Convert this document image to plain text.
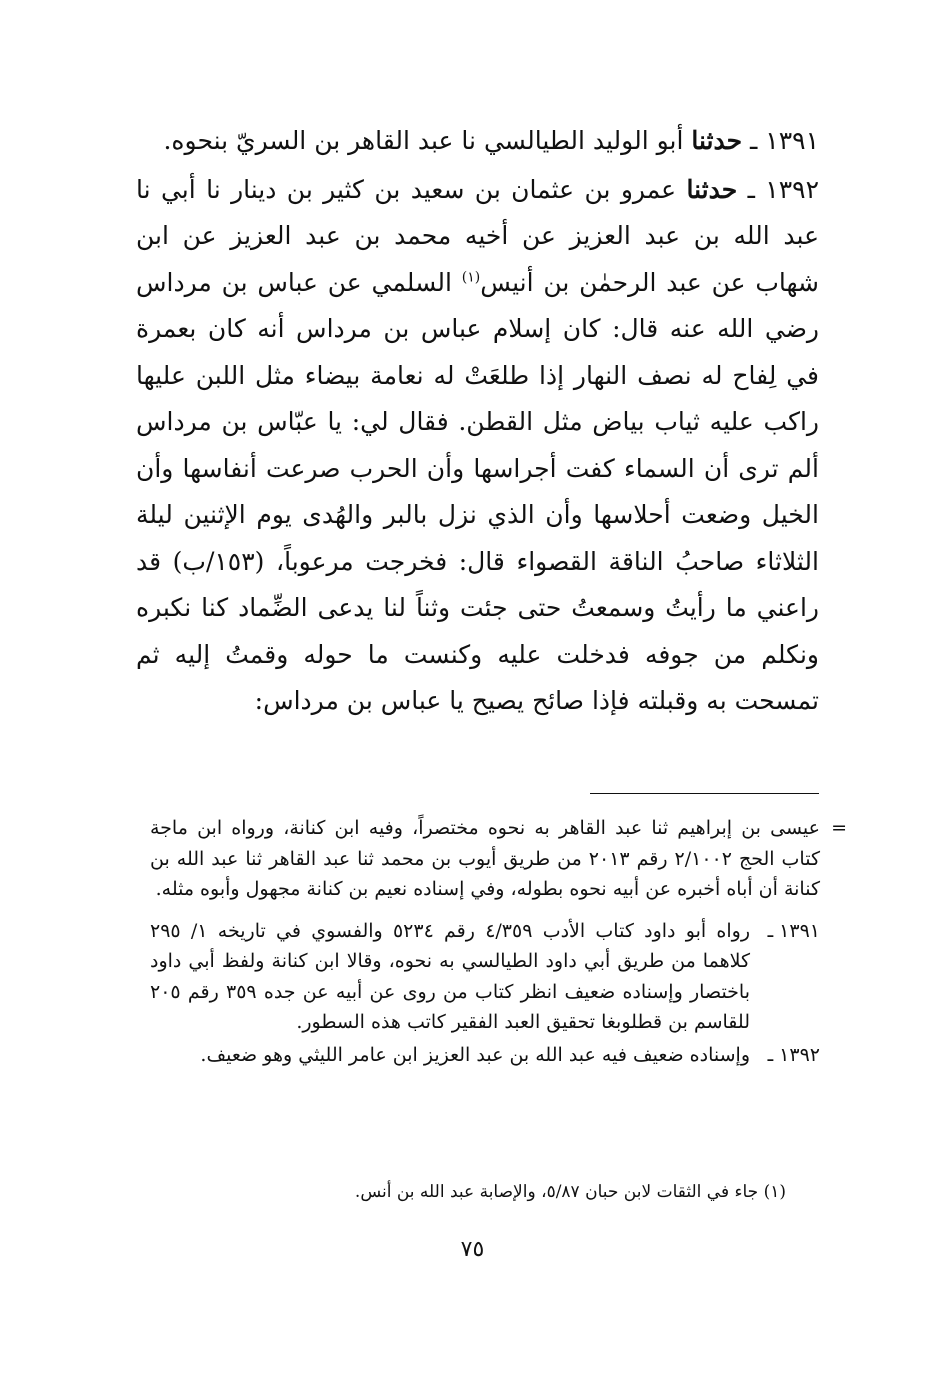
١٣٩١ ـ حدثنا أبو الوليد الطيالسي نا عبد القاهر بن السريّ بنحوه.

١٣٩٢ ـ حدثنا عمرو بن عثمان بن سعيد بن كثير بن دينار نا أبي نا عبد الله بن عبد العزيز عن أخيه محمد بن عبد العزيز عن ابن شهاب عن عبد الرحمٰن بن أنيس$^{(١)}$ السلمي عن عباس بن مرداس رضي الله عنه قال: كان إسلام عباس بن مرداس أنه كان بعمرة في لِفاح له نصف النهار إذا طلعَتْ له نعامة بيضاء مثل اللبن عليها راكب عليه ثياب بياض مثل القطن. فقال لي: يا عبّاس بن مرداس ألم ترى أن السماء كفت أجراسها وأن الحرب صرعت أنفاسها وأن الخيل وضعت أحلاسها وأن الذي نزل بالبر والهُدى يوم الإثنين ليلة الثلاثاء صاحبُ الناقة القصواء قال: فخرجت مرعوباً، (١٥٣/ب) قد راعني ما رأيتُ وسمعتُ حتى جئت وثناً لنا يدعى الضِّماد كنا نكبره ونكلم من جوفه فدخلت عليه وكنست ما حوله وقمتُ إليه ثم تمسحت به وقبلته فإذا صائح يصيح يا عباس بن مرداس:

=
عيسى بن إبراهيم ثنا عبد القاهر به نحوه مختصراً، وفيه ابن كنانة، ورواه ابن ماجة كتاب الحج ٢/١٠٠٢ رقم ٢٠١٣ من طريق أيوب بن محمد ثنا عبد القاهر ثنا عبد الله بن كنانة أن أباه أخبره عن أبيه نحوه بطوله، وفي إسناده نعيم بن كنانة مجهول وأبوه مثله.

١٣٩١ ـ
رواه أبو داود كتاب الأدب ٤/٣٥٩ رقم ٥٢٣٤ والفسوي في تاريخه ١/ ٢٩٥ كلاهما من طريق أبي داود الطيالسي به نحوه، وقالا ابن كنانة ولفظ أبي داود باختصار وإسناده ضعيف انظر كتاب من روى عن أبيه عن جده ٣٥٩ رقم ٢٠٥ للقاسم بن قطلوبغا تحقيق العبد الفقير كاتب هذه السطور.

١٣٩٢ ـ
وإسناده ضعيف فيه عبد الله بن عبد العزيز ابن عامر الليثي وهو ضعيف.

(١) جاء في الثقات لابن حبان ٥/٨٧، والإصابة عبد الله بن أنس.
٧٥
